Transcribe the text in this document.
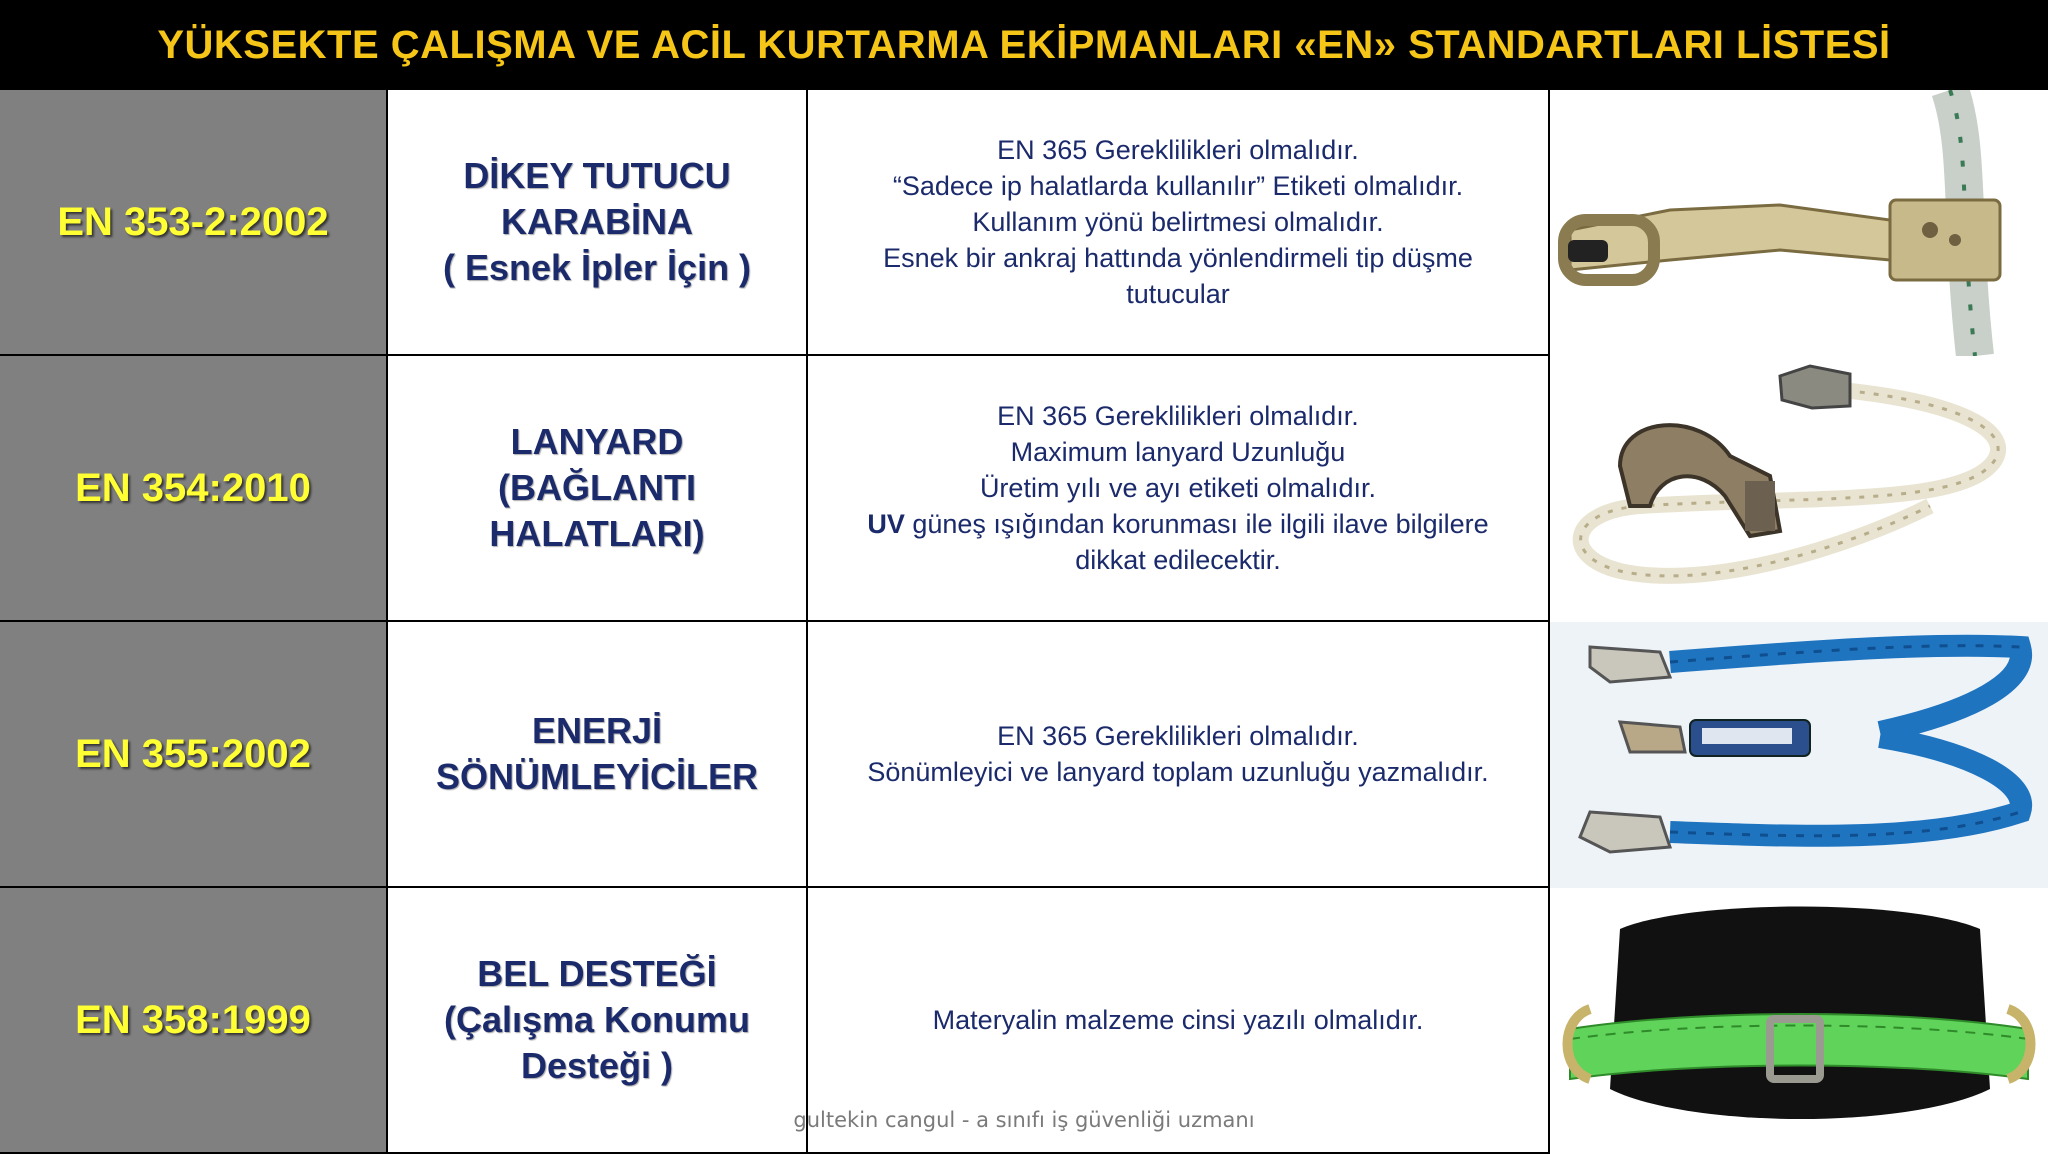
YÜKSEKTE ÇALIŞMA VE ACİL KURTARMA EKİPMANLARI «EN» STANDARTLARI LİSTESİ
EN 353-2:2002
DİKEY TUTUCU
KARABİNA
( Esnek İpler İçin )
EN 365 Gereklilikleri olmalıdır.
“Sadece ip halatlarda kullanılır” Etiketi olmalıdır.
Kullanım yönü belirtmesi olmalıdır.
Esnek bir ankraj hattında yönlendirmeli tip düşme
tutucular
EN 354:2010
LANYARD
(BAĞLANTI HALATLARI)
EN 365 Gereklilikleri olmalıdır.
Maximum lanyard Uzunluğu
Üretim yılı ve ayı etiketi olmalıdır.
UV güneş ışığından korunması ile ilgili ilave bilgilere
dikkat edilecektir.
EN 355:2002
ENERJİ
SÖNÜMLEYİCİLER
EN 365 Gereklilikleri olmalıdır.
Sönümleyici ve lanyard toplam uzunluğu yazmalıdır.
EN 358:1999
BEL DESTEĞİ
(Çalışma Konumu
Desteği )
Materyalin malzeme cinsi yazılı olmalıdır.
gultekin cangul - a sınıfı iş güvenliği uzmanı
